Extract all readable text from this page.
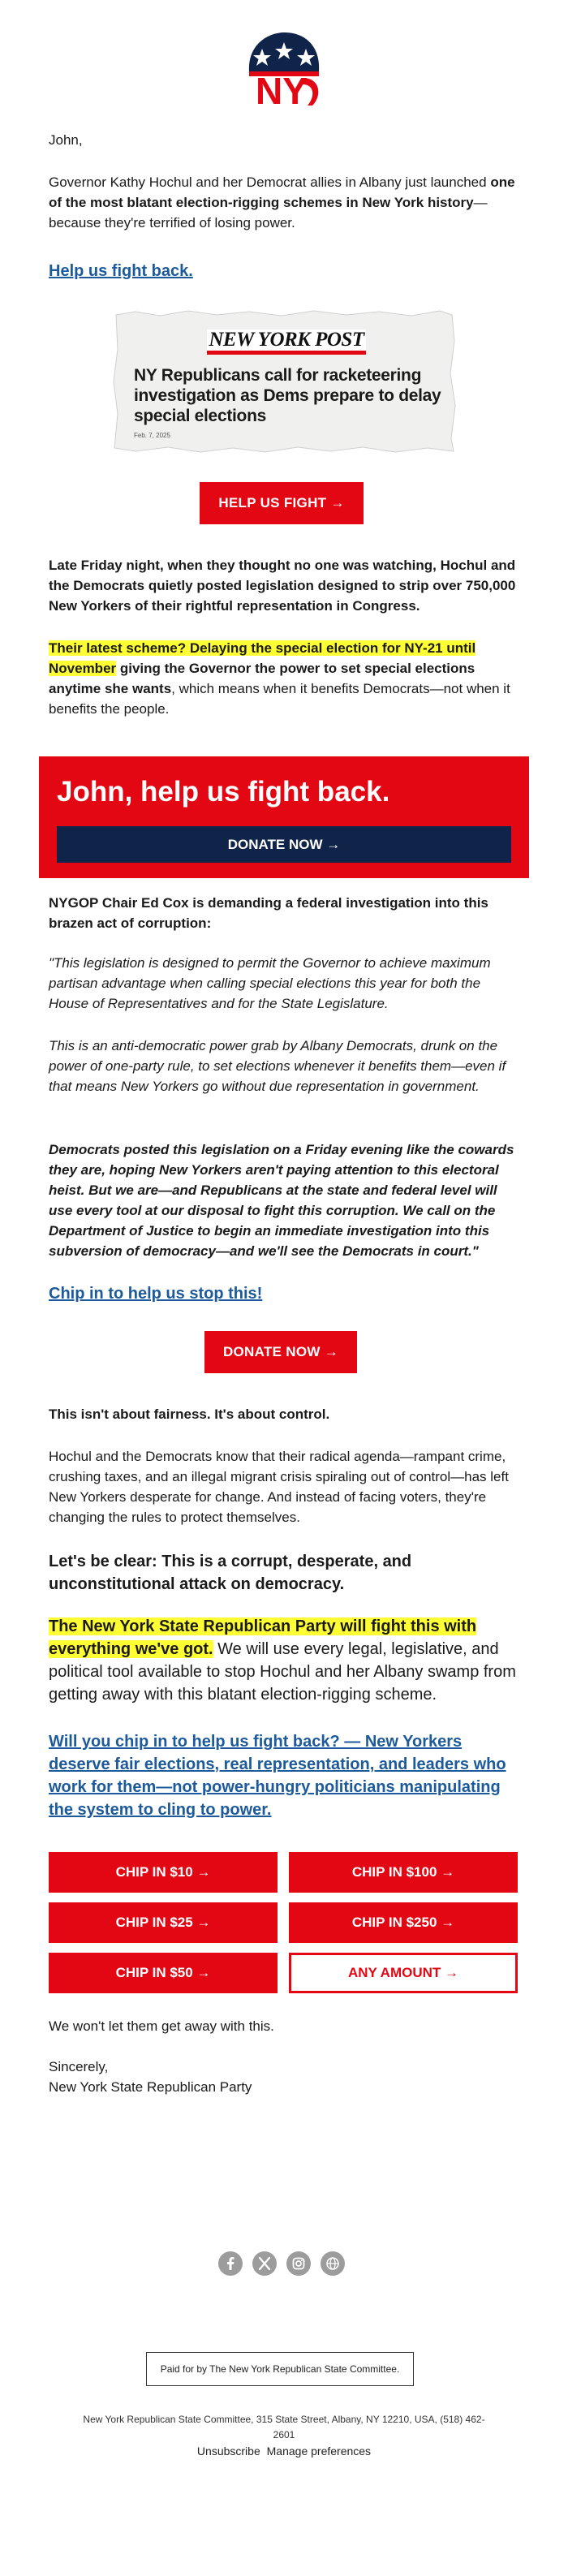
NY

John,

Governor Kathy Hochul and her Democrat allies in Albany just launched one of the most blatant election-rigging schemes in New York history—because they're terrified of losing power.

Help us fight back.
NEW YORK POST
NY Republicans call for racketeering investigation as Dems prepare to delay special elections
Feb. 7, 2025
HELP US FIGHT →

Late Friday night, when they thought no one was watching, Hochul and the Democrats quietly posted legislation designed to strip over 750,000 New Yorkers of their rightful representation in Congress.

Their latest scheme? Delaying the special election for NY-21 until November giving the Governor the power to set special elections anytime she wants, which means when it benefits Democrats—not when it benefits the people.

John, help us fight back.
DONATE NOW →

NYGOP Chair Ed Cox is demanding a federal investigation into this brazen act of corruption:

"This legislation is designed to permit the Governor to achieve maximum partisan advantage when calling special elections this year for both the House of Representatives and for the State Legislature.

This is an anti-democratic power grab by Albany Democrats, drunk on the power of one-party rule, to set elections whenever it benefits them—even if that means New Yorkers go without due representation in government.

Democrats posted this legislation on a Friday evening like the cowards they are, hoping New Yorkers aren't paying attention to this electoral heist. But we are—and Republicans at the state and federal level will use every tool at our disposal to fight this corruption. We call on the Department of Justice to begin an immediate investigation into this subversion of democracy—and we'll see the Democrats in court."

Chip in to help us stop this!
DONATE NOW →

This isn't about fairness. It's about control.

Hochul and the Democrats know that their radical agenda—rampant crime, crushing taxes, and an illegal migrant crisis spiraling out of control—has left New Yorkers desperate for change. And instead of facing voters, they're changing the rules to protect themselves.

Let's be clear: This is a corrupt, desperate, and unconstitutional attack on democracy.

The New York State Republican Party will fight this with everything we've got. We will use every legal, legislative, and political tool available to stop Hochul and her Albany swamp from getting away with this blatant election-rigging scheme.

Will you chip in to help us fight back? — New Yorkers deserve fair elections, real representation, and leaders who work for them—not power-hungry politicians manipulating the system to cling to power.
CHIP IN $10 →	CHIP IN $100 →
CHIP IN $25 →	CHIP IN $250 →
CHIP IN $50 →	ANY AMOUNT →

We won't let them get away with this.

Sincerely,

New York State Republican Party

Paid for by The New York Republican State Committee.
New York Republican State Committee, 315 State Street, Albany, NY 12210, USA, (518) 462-2601
Unsubscribe Manage preferences
